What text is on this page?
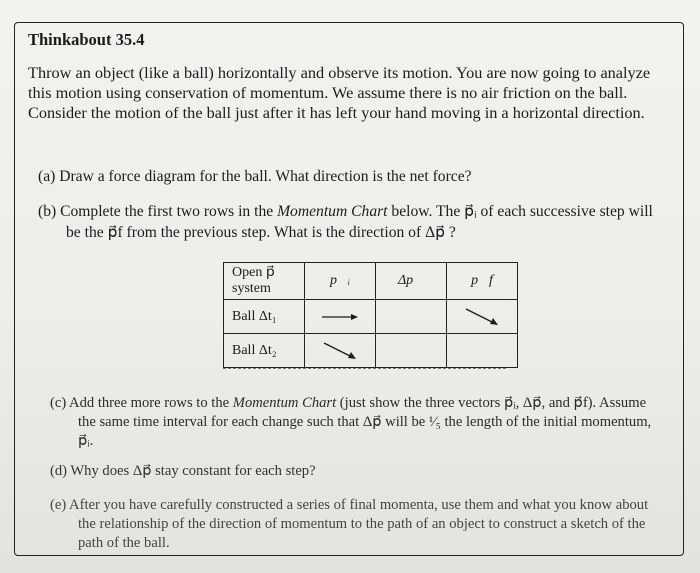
Thinkabout 35.4

Throw an object (like a ball) horizontally and observe its motion. You are now going to analyze this motion using conservation of momentum. We assume there is no air friction on the ball. Consider the motion of the ball just after it has left your hand moving in a horizontal direction.

(a) Draw a force diagram for the ball. What direction is the net force?

(b) Complete the first two rows in the Momentum Chart below. The p⃗ᵢ of each successive step will be the p⃗f from the previous step. What is the direction of Δp⃗ ?

Open p⃗
system	p⃗ᵢ	Δp⃗	p⃗f
Ball Δt₁	

Ball Δt₂	

(c) Add three more rows to the Momentum Chart (just show the three vectors p⃗ᵢ, Δp⃗, and p⃗f). Assume the same time interval for each change such that Δp⃗ will be ¹⁄₅ the length of the initial momentum, p⃗ᵢ.

(d) Why does Δp⃗ stay constant for each step?

(e) After you have carefully constructed a series of final momenta, use them and what you know about the relationship of the direction of momentum to the path of an object to construct a sketch of the path of the ball.
